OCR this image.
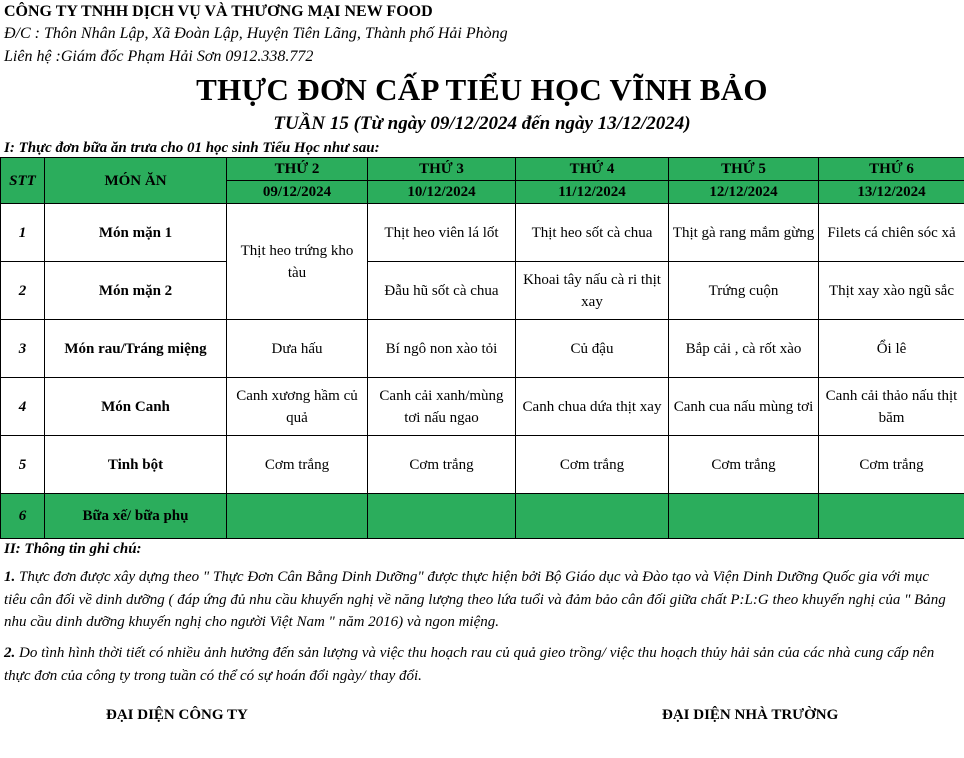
CÔNG TY TNHH DỊCH VỤ VÀ THƯƠNG MẠI NEW FOOD
Đ/C : Thôn Nhân Lập, Xã Đoàn Lập, Huyện Tiên Lãng, Thành phố Hải Phòng
Liên hệ :Giám đốc Phạm Hải Sơn 0912.338.772
THỰC ĐƠN CẤP TIỂU HỌC VĨNH BẢO
TUẦN 15 (Từ ngày 09/12/2024 đến ngày 13/12/2024)
I: Thực đơn bữa ăn trưa cho 01 học sinh Tiểu Học như sau:
STT	MÓN ĂN	THỨ 2	THỨ 3	THỨ 4	THỨ 5	THỨ 6
		09/12/2024	10/12/2024	11/12/2024	12/12/2024	13/12/2024
1	Món mặn 1	Thịt heo trứng kho tàu	Thịt heo viên lá lốt	Thịt heo sốt cà chua	Thịt gà rang mắm gừng	Filets cá chiên sóc xả
2	Món mặn 2		Đẫu hũ sốt cà chua	Khoai tây nấu cà ri thịt xay	Trứng cuộn	Thịt xay xào ngũ sắc
3	Món rau/Tráng miệng	Dưa hấu	Bí ngô non xào tỏi	Củ đậu	Bắp cải , cà rốt xào	Ổi lê
4	Món Canh	Canh xương hầm củ quả	Canh cải xanh/mùng tơi nấu ngao	Canh chua dứa thịt xay	Canh cua nấu mùng tơi	Canh cải thảo nấu thịt băm
5	Tinh bột	Cơm trắng	Cơm trắng	Cơm trắng	Cơm trắng	Cơm trắng
6	Bữa xế/ bữa phụ					
II: Thông tin ghi chú:
1. Thực đơn được xây dựng theo " Thực Đơn Cân Bằng Dinh Dưỡng" được thực hiện bởi Bộ Giáo dục và Đào tạo và Viện Dinh Dưỡng Quốc gia với mục tiêu cân đối về dinh dưỡng ( đáp ứng đủ nhu cầu khuyến nghị về năng lượng theo lứa tuổi và đảm bảo cân đối giữa chất P:L:G theo khuyến nghị của " Bảng nhu cầu dinh dưỡng khuyến nghị cho người Việt Nam " năm 2016) và ngon miệng.
2. Do tình hình thời tiết có nhiều ảnh hưởng đến sản lượng và việc thu hoạch rau củ quả gieo trồng/ việc thu hoạch thủy hải sản của các nhà cung cấp nên thực đơn của công ty trong tuần có thể có sự hoán đổi ngày/ thay đổi.
ĐẠI DIỆN CÔNG TY	ĐẠI DIỆN NHÀ TRƯỜNG
